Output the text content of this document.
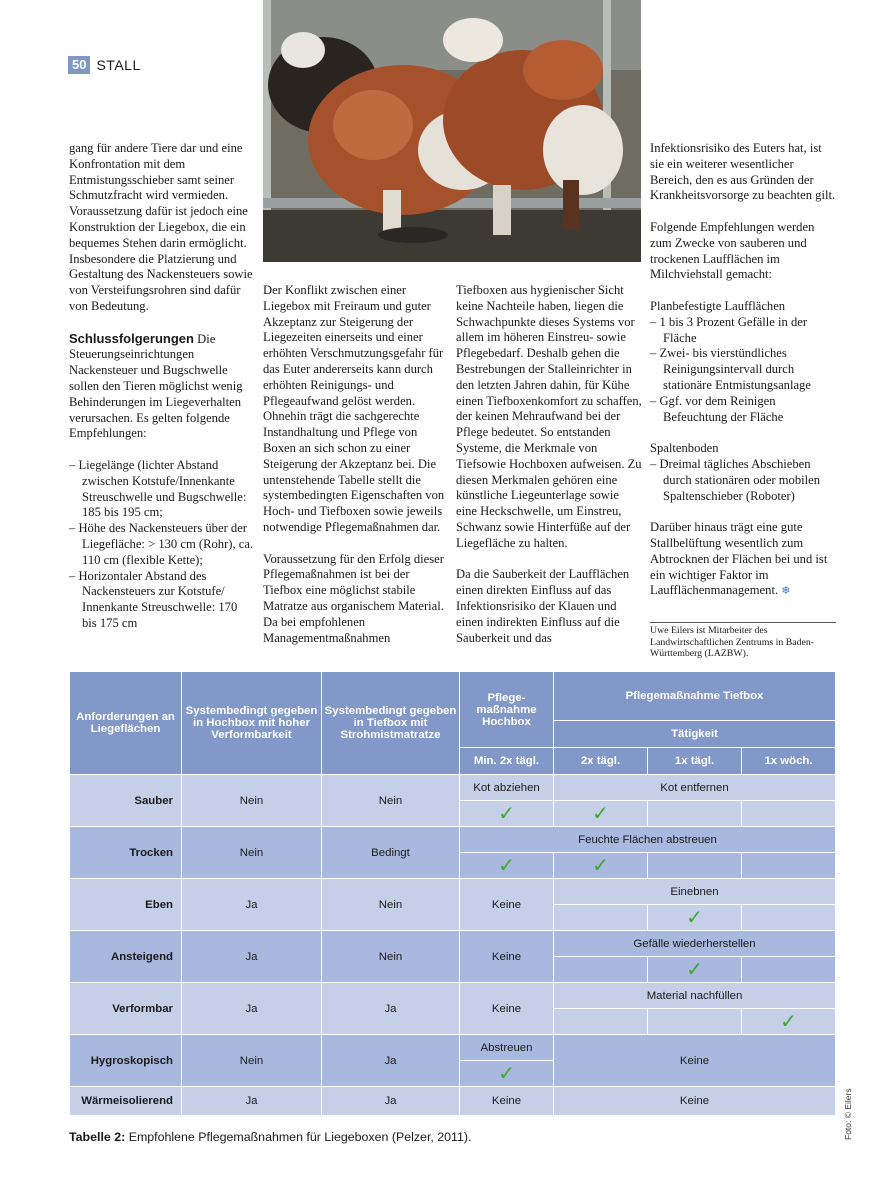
50 STALL

gang für andere Tiere dar und eine Konfrontation mit dem Entmistungsschieber samt seiner Schmutzfracht wird vermieden. Voraussetzung dafür ist jedoch eine Konstruktion der Liegebox, die ein bequemes Stehen darin ermöglicht. Insbesondere die Platzierung und Gestaltung des Nackensteuers sowie von Versteifungsrohren sind dafür von Bedeutung.

Schlussfolgerungen Die Steuerungseinrichtungen Nackensteuer und Bugschwelle sollen den Tieren möglichst wenig Behinderungen im Liegeverhalten verursachen. Es gelten folgende Empfehlungen:

– Liegelänge (lichter Abstand zwischen Kotstufe/Innenkante Streuschwelle und Bugschwelle: 185 bis 195 cm;
– Höhe des Nackensteuers über der Liegefläche: > 130 cm (Rohr), ca. 110 cm (flexible Kette);
– Horizontaler Abstand des Nackensteuers zur Kotstufe/ Innenkante Streuschwelle: 170 bis 175 cm

Der Konflikt zwischen einer Liegebox mit Freiraum und guter Akzeptanz zur Steigerung der Liegezeiten einerseits und einer erhöhten Verschmutzungsgefahr für das Euter andererseits kann durch erhöhten Reinigungs- und Pflegeaufwand gelöst werden. Ohnehin trägt die sachgerechte Instandhaltung und Pflege von Boxen an sich schon zu einer Steigerung der Akzeptanz bei. Die untenstehende Tabelle stellt die systembedingten Eigenschaften von Hoch- und Tiefboxen sowie jeweils notwendige Pflegemaßnahmen dar.

Voraussetzung für den Erfolg dieser Pflegemaßnahmen ist bei der Tiefbox eine möglichst stabile Matratze aus organischem Material. Da bei empfohlenen Managementmaßnahmen

Tiefboxen aus hygienischer Sicht keine Nachteile haben, liegen die Schwachpunkte dieses Systems vor allem im höheren Einstreu- sowie Pflegebedarf. Deshalb gehen die Bestrebungen der Stalleinrichter in den letzten Jahren dahin, für Kühe einen Tiefboxenkomfort zu schaffen, der keinen Mehraufwand bei der Pflege bedeutet. So entstanden Systeme, die Merkmale von Tiefsowie Hochboxen aufweisen. Zu diesen Merkmalen gehören eine künstliche Liegeunterlage sowie eine Heckschwelle, um Einstreu, Schwanz sowie Hinterfüße auf der Liegefläche zu halten.

Da die Sauberkeit der Laufflächen einen direkten Einfluss auf das Infektionsrisiko der Klauen und einen indirekten Einfluss auf die Sauberkeit und das

Infektionsrisiko des Euters hat, ist sie ein weiterer wesentlicher Bereich, den es aus Gründen der Krankheitsvorsorge zu beachten gilt.

Folgende Empfehlungen werden zum Zwecke von sauberen und trockenen Laufflächen im Milchviehstall gemacht:

Planbefestigte Laufflächen
– 1 bis 3 Prozent Gefälle in der Fläche
– Zwei- bis vierstündliches Reinigungsintervall durch stationäre Entmistungsanlage
– Ggf. vor dem Reinigen Befeuchtung der Fläche
Spaltenboden
– Dreimal tägliches Abschieben durch stationären oder mobilen Spaltenschieber (Roboter)

Darüber hinaus trägt eine gute Stallbelüftung wesentlich zum Abtrocknen der Flächen bei und ist ein wichtiger Faktor im Laufflächenmanagement. ❄

Uwe Eilers ist Mitarbeiter des Landwirtschaftlichen Zentrums in Baden-Württemberg (LAZBW).
Anforderungen an Liegeflächen	Systembedingt gegeben in Hochbox mit hoher Verformbarkeit	Systembedingt gegeben in Tiefbox mit Strohmistmatratze	Pflege-maßnahme Hochbox	Pflegemaßnahme Tiefbox		
				Tätigkeit		
			Min. 2x tägl.	2x tägl.	1x tägl.	1x wöch.
Sauber	Nein	Nein	Kot abziehen	Kot entfernen		
			✓	✓		
Trocken	Nein	Bedingt	Feuchte Flächen abstreuen			
			✓	✓		
Eben	Ja	Nein	Keine	Einebnen		
					✓	
Ansteigend	Ja	Nein	Keine	Gefälle wiederherstellen		
					✓	
Verformbar	Ja	Ja	Keine	Material nachfüllen		
						✓
Hygroskopisch	Nein	Ja	Abstreuen	Keine		
			✓			
Wärmeisolierend	Ja	Ja	Keine	Keine		
Tabelle 2: Empfohlene Pflegemaßnahmen für Liegeboxen (Pelzer, 2011).	Foto: © Eilers
